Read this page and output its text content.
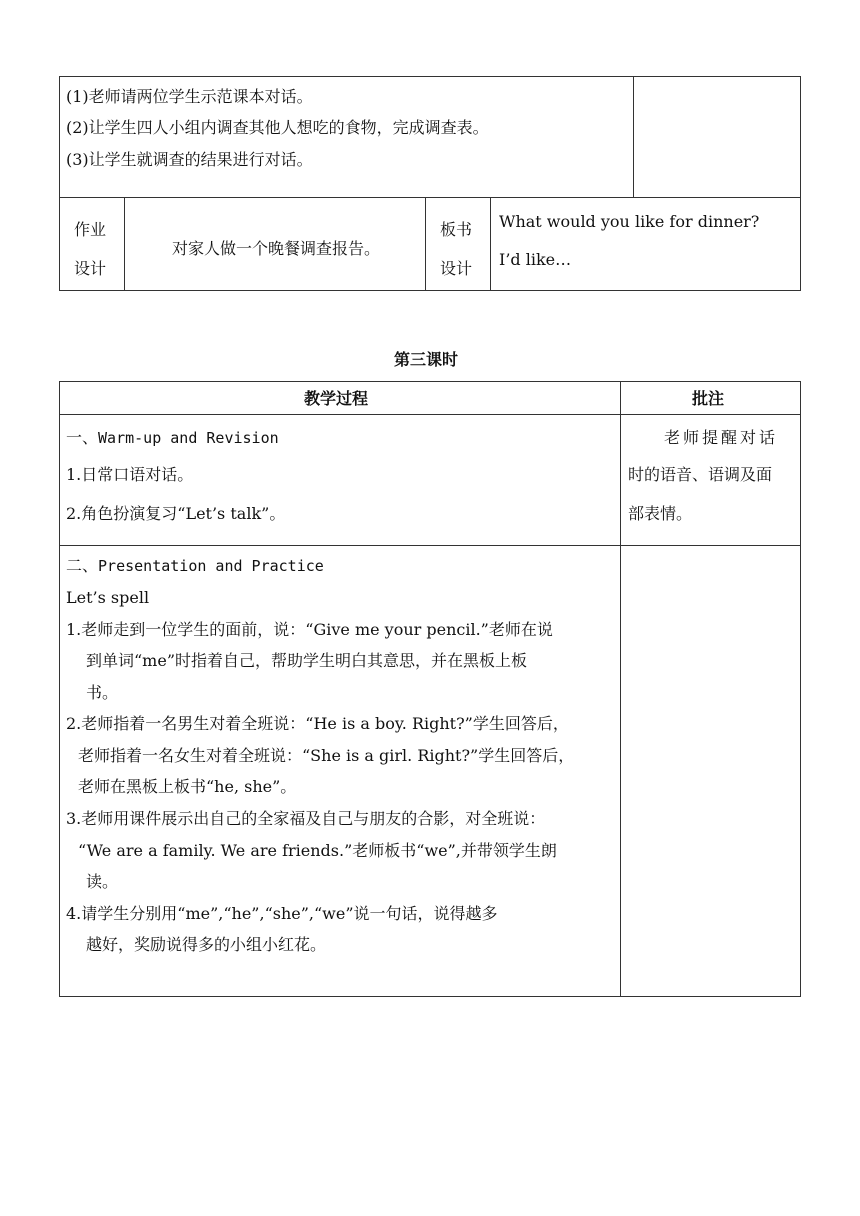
(1)老师请两位学生示范课本对话。
(2)让学生四人小组内调查其他人想吃的食物，完成调查表。
(3)让学生就调查的结果进行对话。
作业
设计
对家人做一个晚餐调查报告。
板书
设计
What would you like for dinner?
I’d like…
第三课时
教学过程	批注
一、Warm-up and Revision
1.日常口语对话。
2.角色扮演复习“Let’s talk”。
老师提醒对话
时的语音、语调及面
部表情。
二、Presentation and Practice
Let’s spell
1.老师走到一位学生的面前，说：“Give me your pencil.”老师在说
到单词“me”时指着自己，帮助学生明白其意思，并在黑板上板
书。
2.老师指着一名男生对着全班说：“He is a boy. Right?”学生回答后，
老师指着一名女生对着全班说：“She is a girl. Right?”学生回答后，
老师在黑板上板书“he, she”。
3.老师用课件展示出自己的全家福及自己与朋友的合影，对全班说：
“We are a family. We are friends.”老师板书“we”,并带领学生朗
读。
4.请学生分别用“me”,“he”,“she”,“we”说一句话，说得越多
越好，奖励说得多的小组小红花。
